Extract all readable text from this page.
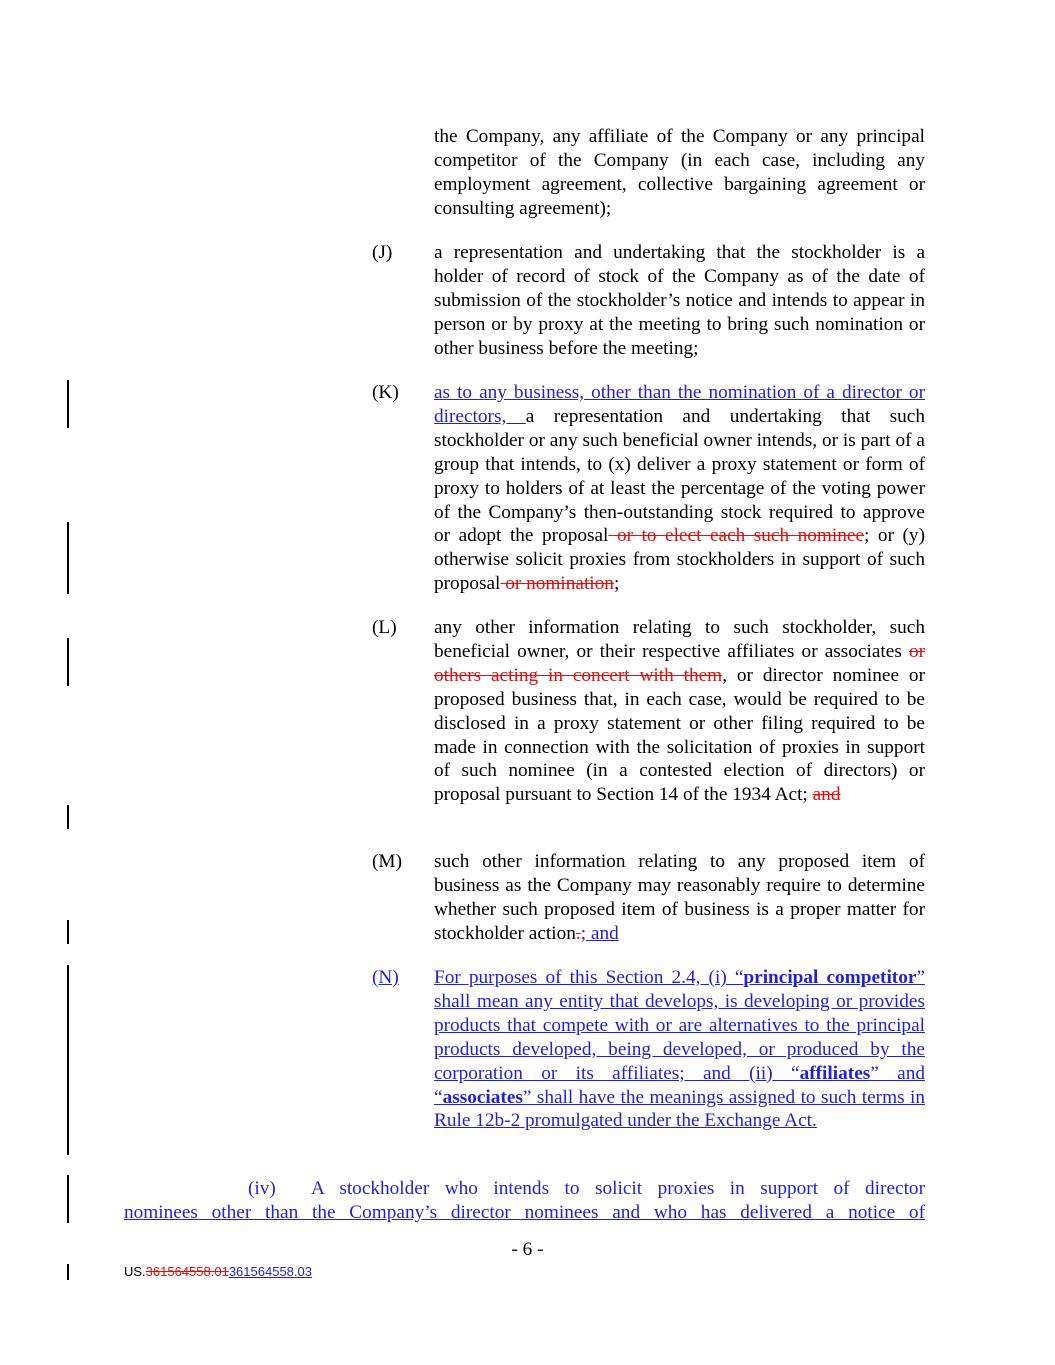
the Company, any affiliate of the Company or any principal competitor of the Company (in each case, including any employment agreement, collective bargaining agreement or consulting agreement);
(J) a representation and undertaking that the stockholder is a holder of record of stock of the Company as of the date of submission of the stockholder’s notice and intends to appear in person or by proxy at the meeting to bring such nomination or other business before the meeting;
(K) as to any business, other than the nomination of a director or directors, a representation and undertaking that such stockholder or any such beneficial owner intends, or is part of a group that intends, to (x) deliver a proxy statement or form of proxy to holders of at least the percentage of the voting power of the Company’s then-outstanding stock required to approve or adopt the proposal or to elect each such nominee; or (y) otherwise solicit proxies from stockholders in support of such proposal or nomination;
(L) any other information relating to such stockholder, such beneficial owner, or their respective affiliates or associates or others acting in concert with them, or director nominee or proposed business that, in each case, would be required to be disclosed in a proxy statement or other filing required to be made in connection with the solicitation of proxies in support of such nominee (in a contested election of directors) or proposal pursuant to Section 14 of the 1934 Act; and
(M) such other information relating to any proposed item of business as the Company may reasonably require to determine whether such proposed item of business is a proper matter for stockholder action.; and
(N) For purposes of this Section 2.4, (i) “principal competitor” shall mean any entity that develops, is developing or provides products that compete with or are alternatives to the principal products developed, being developed, or produced by the corporation or its affiliates; and (ii) “affiliates” and “associates” shall have the meanings assigned to such terms in Rule 12b-2 promulgated under the Exchange Act.
(iv) A stockholder who intends to solicit proxies in support of director
nominees other than the Company’s director nominees and who has delivered a notice of
- 6 -
US.361564558.01361564558.03
